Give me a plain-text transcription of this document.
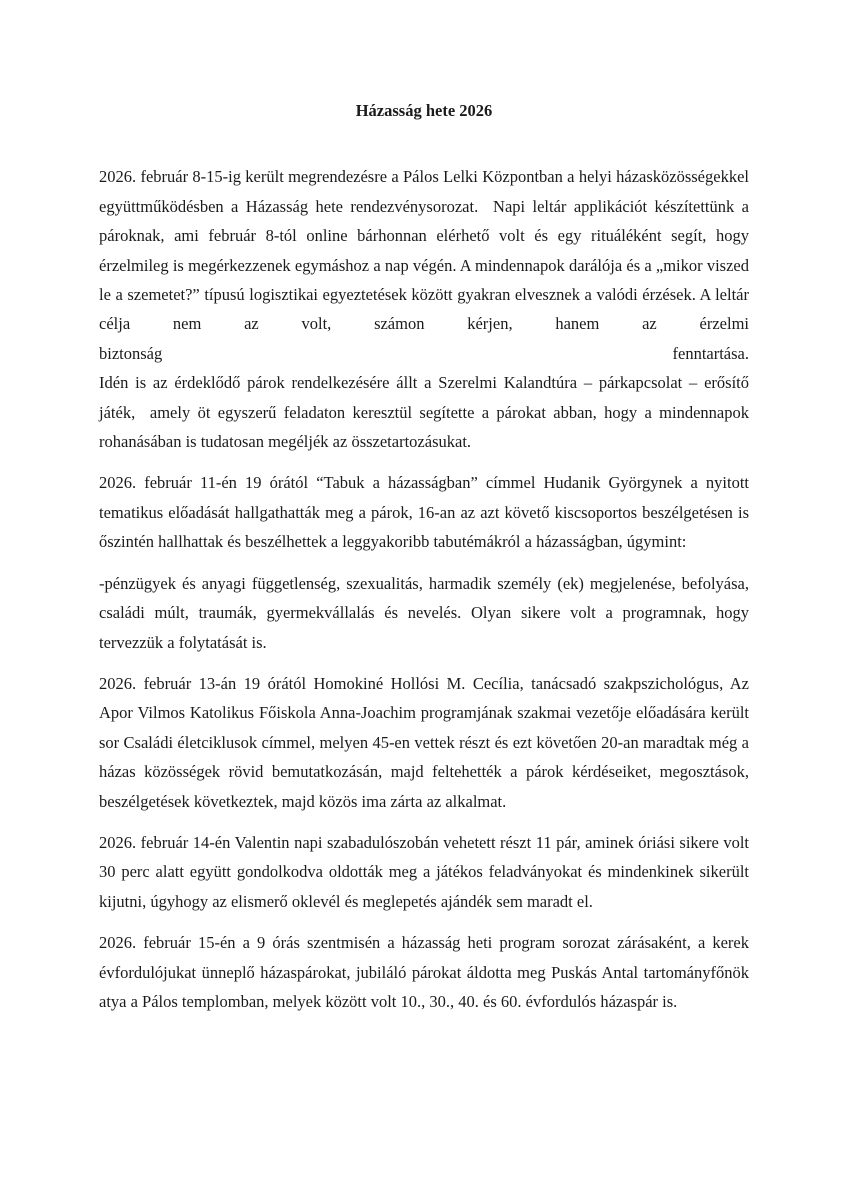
Házasság hete 2026

2026. február 8-15-ig került megrendezésre a Pálos Lelki Központban a helyi házasközösségekkel együttműködésben a Házasság hete rendezvénysorozat.  Napi leltár applikációt készítettünk a pároknak, ami február 8-tól online bárhonnan elérhető volt és egy rituáléként segít, hogy érzelmileg is megérkezzenek egymáshoz a nap végén. A mindennapok darálója és a „mikor viszed le a szemetet?” típusú logisztikai egyeztetések között gyakran elvesznek a valódi érzések. A leltár célja nem az volt, számon kérjen, hanem az érzelmi

biztonság	fenntartása.

Idén is az érdeklődő párok rendelkezésére állt a Szerelmi Kalandtúra – párkapcsolat – erősítő játék,  amely öt egyszerű feladaton keresztül segítette a párokat abban, hogy a mindennapok rohanásában is tudatosan megéljék az összetartozásukat.

2026. február 11-én 19 órától “Tabuk a házasságban” címmel Hudanik Györgynek a nyitott tematikus előadását hallgathatták meg a párok, 16-an az azt követő kiscsoportos beszélgetésen is őszintén hallhattak és beszélhettek a leggyakoribb tabutémákról a házasságban, úgymint:

-pénzügyek és anyagi függetlenség, szexualitás, harmadik személy (ek) megjelenése, befolyása, családi múlt, traumák, gyermekvállalás és nevelés. Olyan sikere volt a programnak, hogy tervezzük a folytatását is.

2026. február 13-án 19 órától Homokiné Hollósi M. Cecília, tanácsadó szakpszichológus, Az Apor Vilmos Katolikus Főiskola Anna-Joachim programjának szakmai vezetője előadására került sor Családi életciklusok címmel, melyen 45-en vettek részt és ezt követően 20-an maradtak még a házas közösségek rövid bemutatkozásán, majd feltehették a párok kérdéseiket, megosztások, beszélgetések következtek, majd közös ima zárta az alkalmat.

2026. február 14-én Valentin napi szabadulószobán vehetett részt 11 pár, aminek óriási sikere volt 30 perc alatt együtt gondolkodva oldották meg a játékos feladványokat és mindenkinek sikerült kijutni, úgyhogy az elismerő oklevél és meglepetés ajándék sem maradt el.

2026. február 15-én a 9 órás szentmisén a házasság heti program sorozat zárásaként, a kerek évfordulójukat ünneplő házaspárokat, jubiláló párokat áldotta meg Puskás Antal tartományfőnök atya a Pálos templomban, melyek között volt 10., 30., 40. és 60. évfordulós házaspár is.
